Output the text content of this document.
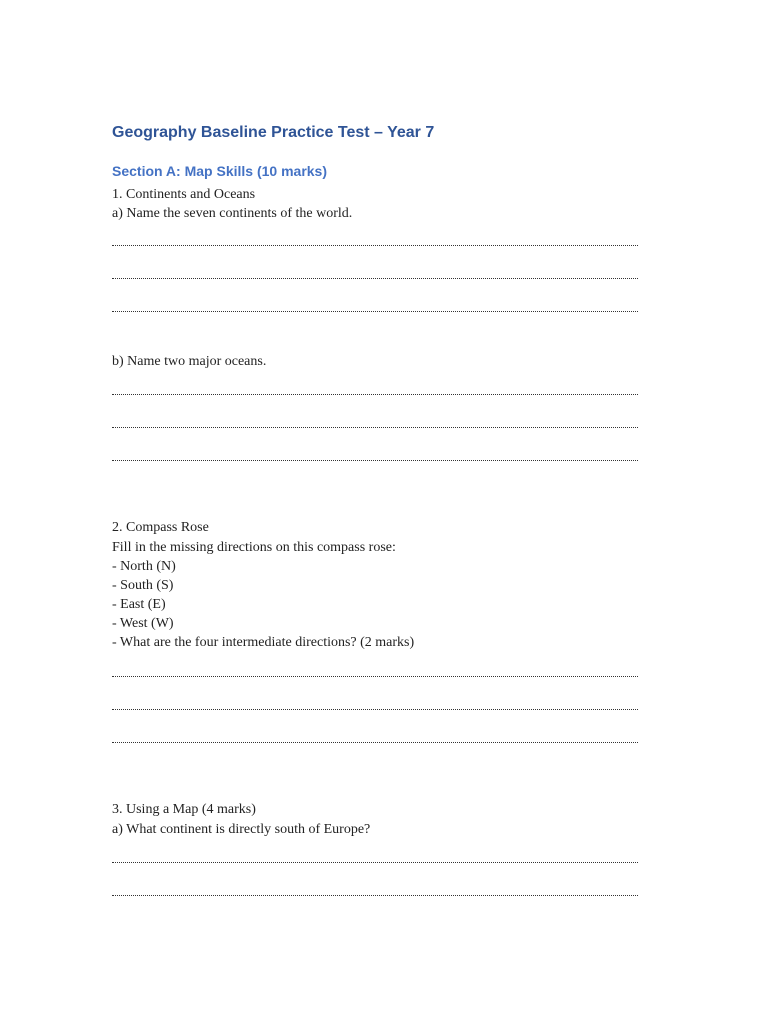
Geography Baseline Practice Test – Year 7
Section A: Map Skills (10 marks)
1. Continents and Oceans
a) Name the seven continents of the world.
b) Name two major oceans.
2. Compass Rose
Fill in the missing directions on this compass rose:
- North (N)
- South (S)
- East (E)
- West (W)
- What are the four intermediate directions? (2 marks)
3. Using a Map (4 marks)
a) What continent is directly south of Europe?
